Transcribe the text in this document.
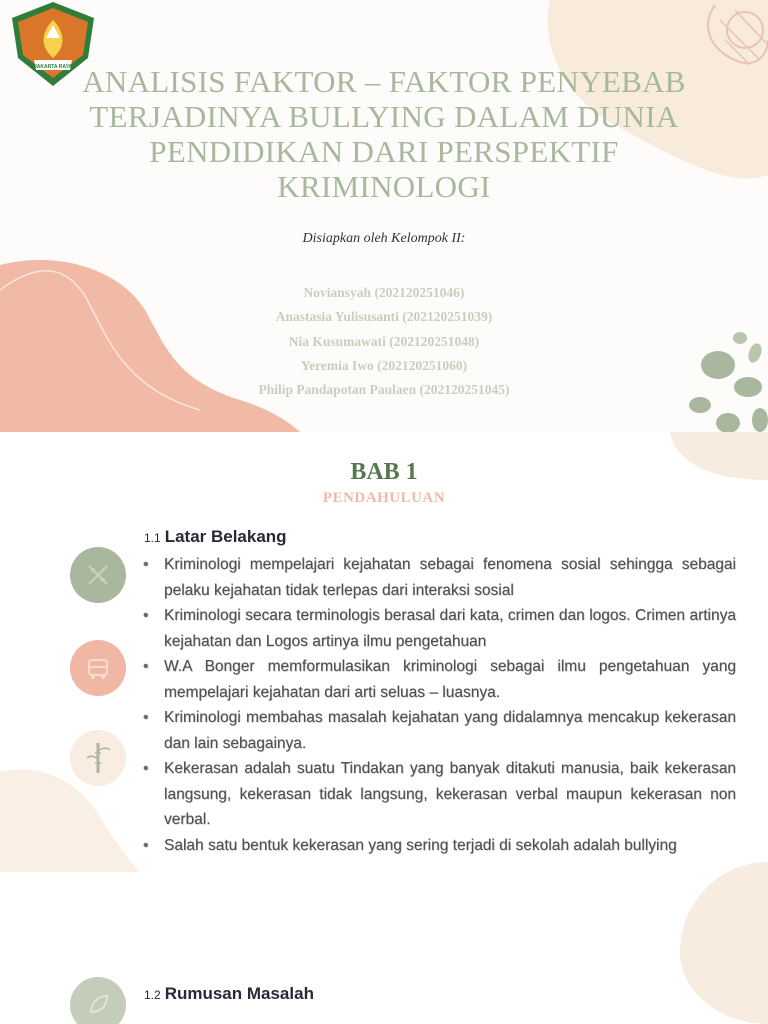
JAKARTA RAYA ANALISIS FAKTOR – FAKTOR PENYEBAB TERJADINYA BULLYING DALAM DUNIA PENDIDIKAN DARI PERSPEKTIF KRIMINOLOGI
Disiapkan oleh Kelompok II:
Noviansyah (202120251046)
Anastasia Yulisusanti (202120251039)
Nia Kusumawati (202120251048)
Yeremia Iwo (202120251060)
Philip Pandapotan Paulaen (202120251045)
BAB 1
PENDAHULUAN
1.1 Latar Belakang
• Kriminologi mempelajari kejahatan sebagai fenomena sosial sehingga sebagai pelaku kejahatan tidak terlepas dari interaksi sosial
• Kriminologi secara terminologis berasal dari kata, crimen dan logos. Crimen artinya kejahatan dan Logos artinya ilmu pengetahuan
• W.A Bonger memformulasikan kriminologi sebagai ilmu pengetahuan yang mempelajari kejahatan dari arti seluas – luasnya.
• Kriminologi membahas masalah kejahatan yang didalamnya mencakup kekerasan dan lain sebagainya.
• Kekerasan adalah suatu Tindakan yang banyak ditakuti manusia, baik kekerasan langsung, kekerasan tidak langsung, kekerasan verbal maupun kekerasan non verbal.
• Salah satu bentuk kekerasan yang sering terjadi di sekolah adalah bullying
1.2 Rumusan Masalah
